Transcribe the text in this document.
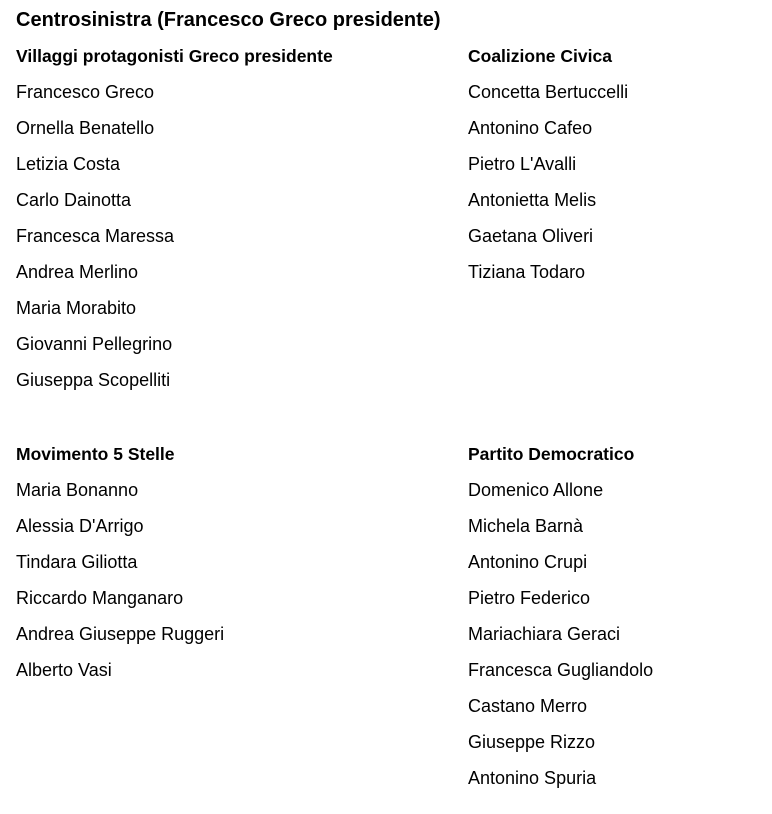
Centrosinistra (Francesco Greco presidente)
Villaggi protagonisti Greco presidente
Francesco Greco
Ornella Benatello
Letizia Costa
Carlo Dainotta
Francesca Maressa
Andrea Merlino
Maria Morabito
Giovanni Pellegrino
Giuseppa Scopelliti
Coalizione Civica
Concetta Bertuccelli
Antonino Cafeo
Pietro L'Avalli
Antonietta Melis
Gaetana Oliveri
Tiziana Todaro
Movimento 5 Stelle
Maria Bonanno
Alessia D'Arrigo
Tindara Giliotta
Riccardo Manganaro
Andrea Giuseppe Ruggeri
Alberto Vasi
Partito Democratico
Domenico Allone
Michela Barnà
Antonino Crupi
Pietro Federico
Mariachiara Geraci
Francesca Gugliandolo
Castano Merro
Giuseppe Rizzo
Antonino Spuria
